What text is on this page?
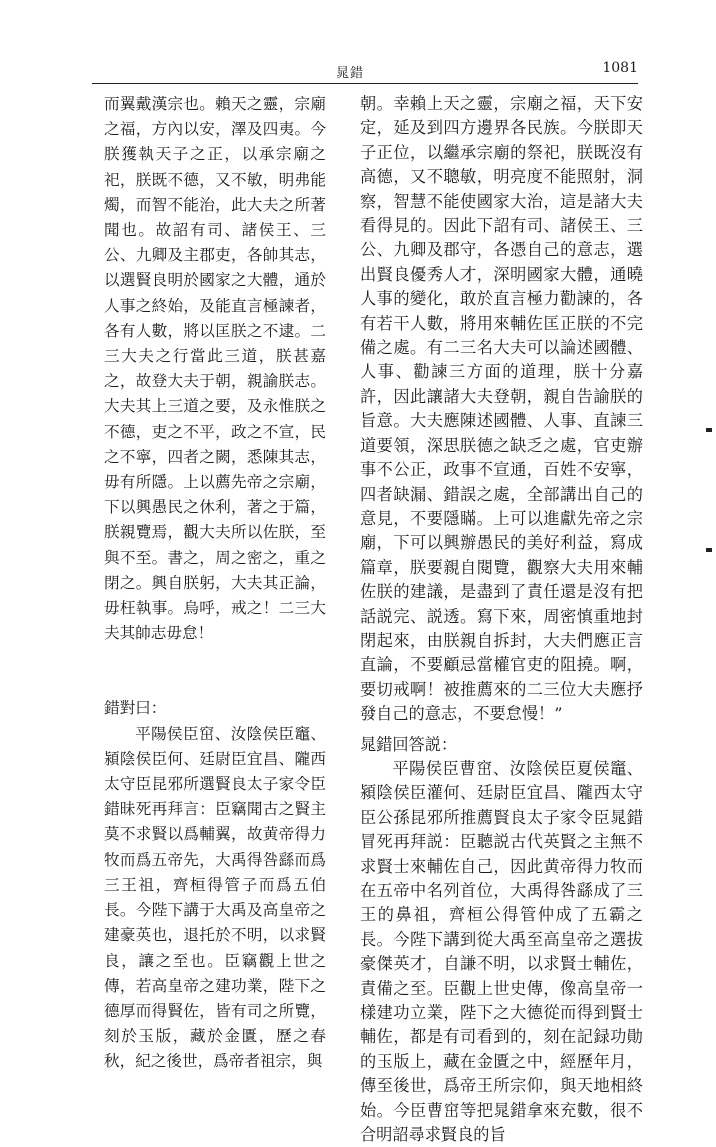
晁錯	1081

而翼戴漢宗也。賴天之靈，宗廟之福，方內以安，澤及四夷。今朕獲執天子之正，以承宗廟之祀，朕既不德，又不敏，明弗能燭，而智不能治，此大夫之所著聞也。故詔有司、諸侯王、三公、九卿及主郡吏，各帥其志，以選賢良明於國家之大體，通於人事之終始，及能直言極諫者，各有人數，將以匡朕之不逮。二三大夫之行當此三道，朕甚嘉之，故登大夫于朝，親諭朕志。大夫其上三道之要，及永惟朕之不德，吏之不平，政之不宣，民之不寧，四者之闕，悉陳其志，毋有所隱。上以薦先帝之宗廟，下以興愚民之休利，著之于篇，朕親覽焉，觀大夫所以佐朕，至與不至。書之，周之密之，重之閉之。興自朕躬，大夫其正論，毋枉執事。烏呼，戒之！二三大夫其帥志毋怠！

錯對曰：

平陽侯臣窋、汝陰侯臣竈、潁陰侯臣何、廷尉臣宜昌、隴西太守臣昆邪所選賢良太子家令臣錯昧死再拜言：臣竊聞古之賢主莫不求賢以爲輔翼，故黄帝得力牧而爲五帝先，大禹得咎繇而爲三王祖，齊桓得管子而爲五伯長。今陛下講于大禹及高皇帝之建豪英也，退托於不明，以求賢良，讓之至也。臣竊觀上世之傳，若高皇帝之建功業，陛下之德厚而得賢佐，皆有司之所覽，刻於玉版，藏於金匱，歷之春秋，紀之後世，爲帝者祖宗，與

朝。幸賴上天之靈，宗廟之福，天下安定，延及到四方邊界各民族。今朕即天子正位，以繼承宗廟的祭祀，朕既沒有高德，又不聰敏，明亮度不能照射，洞察，智慧不能使國家大治，這是諸大夫看得見的。因此下詔有司、諸侯王、三公、九卿及郡守，各憑自己的意志，選出賢良優秀人才，深明國家大體，通曉人事的變化，敢於直言極力勸諫的，各有若干人數，將用來輔佐匡正朕的不完備之處。有二三名大夫可以論述國體、人事、勸諫三方面的道理，朕十分嘉許，因此讓諸大夫登朝，親自告諭朕的旨意。大夫應陳述國體、人事、直諫三道要領，深思朕德之缺乏之處，官吏辦事不公正，政事不宣通，百姓不安寧，四者缺漏、錯誤之處，全部講出自己的意見，不要隱瞞。上可以進獻先帝之宗廟，下可以興辦愚民的美好利益，寫成篇章，朕要親自閱覽，觀察大夫用來輔佐朕的建議，是盡到了責任還是沒有把話説完、説透。寫下來，周密慎重地封閉起來，由朕親自拆封，大夫們應正言直論，不要顧忌當權官吏的阻撓。啊，要切戒啊！被推薦來的二三位大夫應抒發自己的意志，不要怠慢！”

晁錯回答説：

平陽侯臣曹窋、汝陰侯臣夏侯竈、潁陰侯臣灌何、廷尉臣宜昌、隴西太守臣公孫昆邪所推薦賢良太子家令臣晁錯冒死再拜説：臣聽説古代英賢之主無不求賢士來輔佐自己，因此黄帝得力牧而在五帝中名列首位，大禹得咎繇成了三王的鼻祖，齊桓公得管仲成了五霸之長。今陛下講到從大禹至高皇帝之選拔豪傑英才，自謙不明，以求賢士輔佐，責備之至。臣觀上世史傳，像高皇帝一樣建功立業，陛下之大德從而得到賢士輔佐，都是有司看到的，刻在記録功勛的玉版上，藏在金匱之中，經歷年月，傳至後世，爲帝王所宗仰，與天地相終始。今臣曹窋等把晁錯拿來充數，很不合明詔尋求賢良的旨
